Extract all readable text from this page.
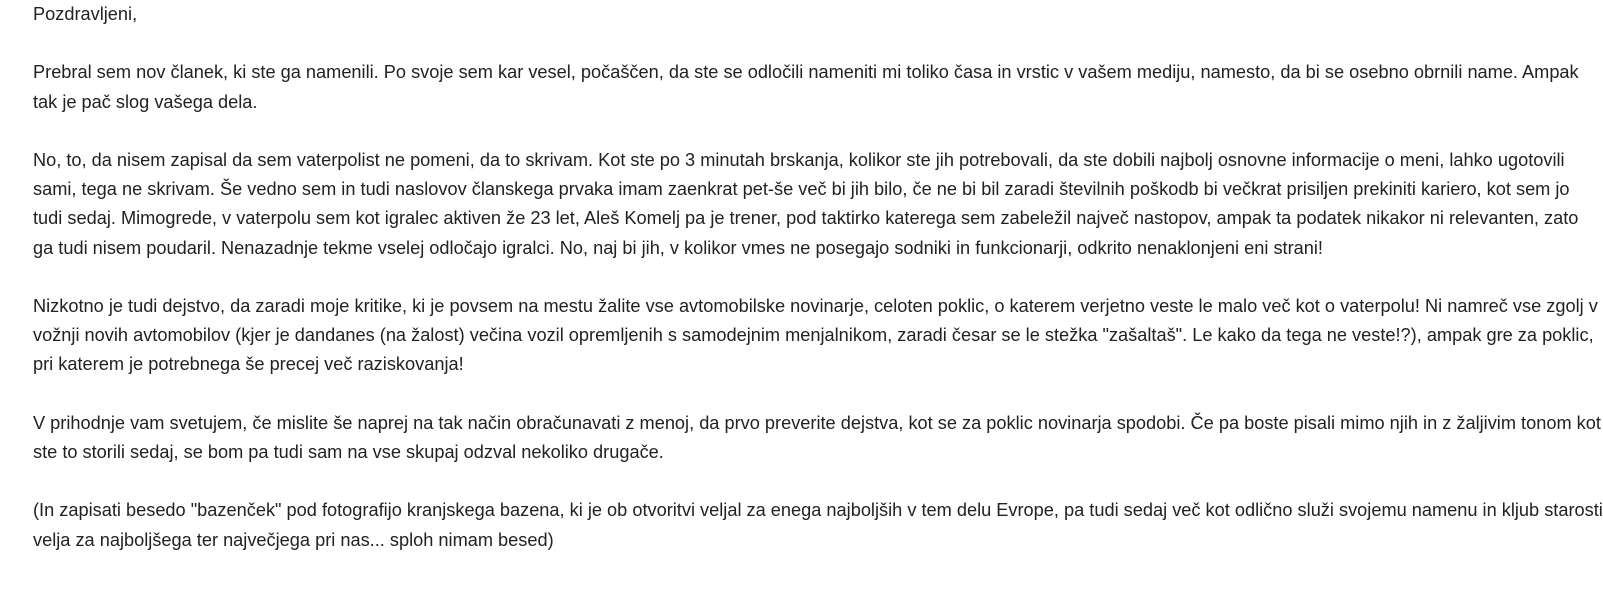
Pozdravljeni,

Prebral sem nov članek, ki ste ga namenili. Po svoje sem kar vesel, počaščen, da ste se odločili nameniti mi toliko časa in vrstic v vašem mediju, namesto, da bi se osebno obrnili name. Ampak tak je pač slog vašega dela.

No, to, da nisem zapisal da sem vaterpolist ne pomeni, da to skrivam. Kot ste po 3 minutah brskanja, kolikor ste jih potrebovali, da ste dobili najbolj osnovne informacije o meni, lahko ugotovili sami, tega ne skrivam. Še vedno sem in tudi naslovov članskega prvaka imam zaenkrat pet-še več bi jih bilo, če ne bi bil zaradi številnih poškodb bi večkrat prisiljen prekiniti kariero, kot sem jo tudi sedaj. Mimogrede, v vaterpolu sem kot igralec aktiven že 23 let, Aleš Komelj pa je trener, pod taktirko katerega sem zabeležil največ nastopov, ampak ta podatek nikakor ni relevanten, zato ga tudi nisem poudaril. Nenazadnje tekme vselej odločajo igralci. No, naj bi jih, v kolikor vmes ne posegajo sodniki in funkcionarji, odkrito nenaklonjeni eni strani!

Nizkotno je tudi dejstvo, da zaradi moje kritike, ki je povsem na mestu žalite vse avtomobilske novinarje, celoten poklic, o katerem verjetno veste le malo več kot o vaterpolu! Ni namreč vse zgolj v vožnji novih avtomobilov (kjer je dandanes (na žalost) večina vozil opremljenih s samodejnim menjalnikom, zaradi česar se le stežka "zašaltaš". Le kako da tega ne veste!?), ampak gre za poklic, pri katerem je potrebnega še precej več raziskovanja!

V prihodnje vam svetujem, če mislite še naprej na tak način obračunavati z menoj, da prvo preverite dejstva, kot se za poklic novinarja spodobi. Če pa boste pisali mimo njih in z žaljivim tonom kot ste to storili sedaj, se bom pa tudi sam na vse skupaj odzval nekoliko drugače.

(In zapisati besedo "bazenček" pod fotografijo kranjskega bazena, ki je ob otvoritvi veljal za enega najboljših v tem delu Evrope, pa tudi sedaj več kot odlično služi svojemu namenu in kljub starosti velja za najboljšega ter največjega pri nas... sploh nimam besed)
